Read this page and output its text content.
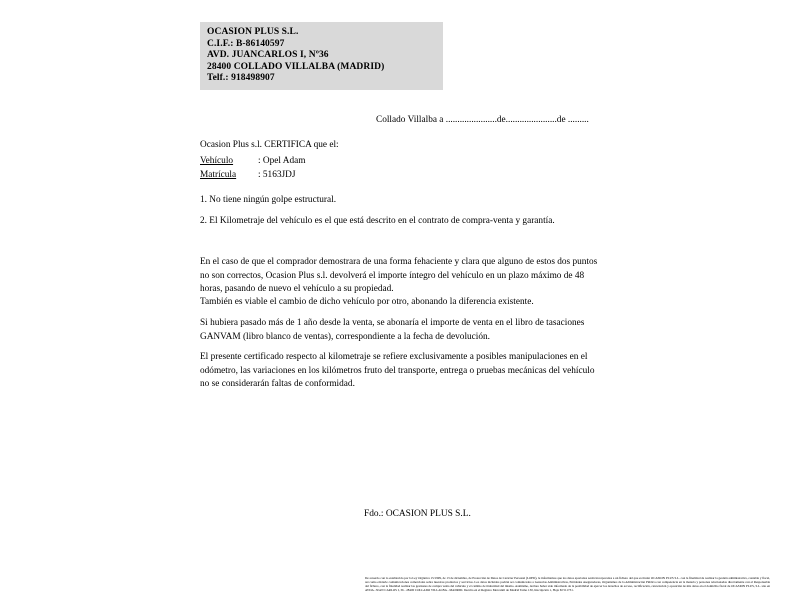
OCASION PLUS S.L.
C.I.F.: B-86140597
AVD. JUANCARLOS I, Nº36
28400 COLLADO VILLALBA (MADRID)
Telf.: 918498907
Collado Villalba a ......................de......................de .........
Ocasion Plus s.l. CERTIFICA que el:
Vehículo	: Opel Adam
Matrícula	: 5163JDJ
1. No tiene ningún golpe estructural.
2. El Kilometraje del vehículo es el que está descrito en el contrato de compra-venta y garantía.
En el caso de que el comprador demostrara de una forma fehaciente y clara que alguno de estos dos puntos no son correctos, Ocasion Plus s.l. devolverá el importe íntegro del vehículo en un plazo máximo de 48 horas, pasando de nuevo el vehículo a su propiedad.
También es viable el cambio de dicho vehículo por otro, abonando la diferencia existente.
Si hubiera pasado más de 1 año desde la venta, se abonaría el importe de venta en el libro de tasaciones GANVAM (libro blanco de ventas), correspondiente a la fecha de devolución.
El presente certificado respecto al kilometraje se refiere exclusivamente a posibles manipulaciones en el odómetro, las variaciones en los kilómetros fruto del transporte, entrega o pruebas mecánicas del vehículo no se considerarán faltas de conformidad.
Fdo.: OCASION PLUS S.L.

De acuerdo con lo establecido por la Ley Orgánica 15/1999, de 13 de diciembre, de Protección de Datos de Carácter Personal (LOPD), le informamos que los datos aportados serán incorporados a un fichero del que es titular OCASION PLUS S.L. con la finalidad de realizar la gestión administrativa, contable y fiscal, así como enviarle comunicaciones comerciales sobre nuestros productos y servicios. Los datos incluidos podrán ser comunicados a Gestorías Administrativas, Entidades Aseguradoras, Organismos de la Administración Pública con competencia en la materia y personas relacionadas directamente con el Responsable del fichero, con la finalidad realizar las gestiones de compra venta del vehículo y el cambio de titularidad del mismo. Asimismo, declaro haber sido informado de la posibilidad de ejercer los derechos de acceso, rectificación, cancelación y oposición de mis datos en el domicilio fiscal de OCASION PLUS, S.L. sito en AVDA. JUAN CARLOS I, 36 - 28400 COLLADO VILLALBA - MADRID. Inscrita en el Registro Mercantil de Madrid Tomo 130, Inscripción 1, Hoja M 511731.
